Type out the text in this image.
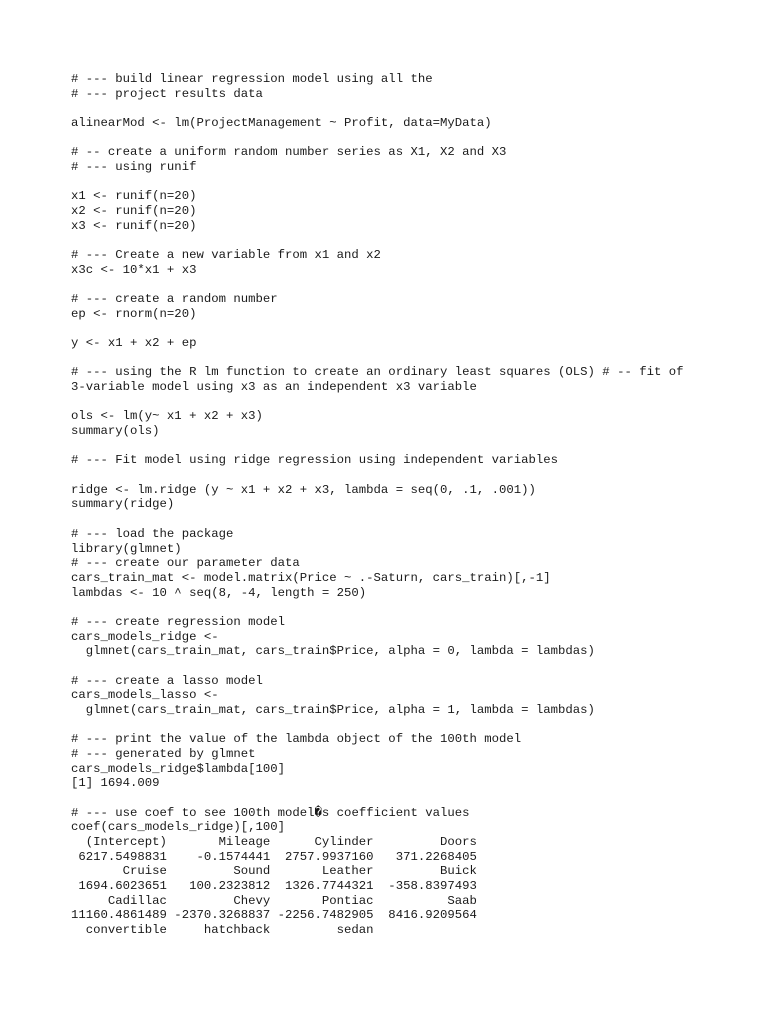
# --- build linear regression model using all the
# --- project results data
alinearMod <- lm(ProjectManagement ~ Profit, data=MyData)
# -- create a uniform random number series as X1, X2 and X3
# --- using runif
x1 <- runif(n=20)
x2 <- runif(n=20)
x3 <- runif(n=20)
# --- Create a new variable from x1 and x2
x3c <- 10*x1 + x3
# --- create a random number
ep <- rnorm(n=20)
y <- x1 + x2 + ep
# --- using the R lm function to create an ordinary least squares (OLS) # -- fit of
3-variable model using x3 as an independent x3 variable
ols <- lm(y~ x1 + x2 + x3)
summary(ols)
# --- Fit model using ridge regression using independent variables
ridge <- lm.ridge (y ~ x1 + x2 + x3, lambda = seq(0, .1, .001))
summary(ridge)
# --- load the package
library(glmnet)
# --- create our parameter data
cars_train_mat <- model.matrix(Price ~ .-Saturn, cars_train)[,-1]
lambdas <- 10 ^ seq(8, -4, length = 250)
# --- create regression model
cars_models_ridge <-
glmnet(cars_train_mat, cars_train$Price, alpha = 0, lambda = lambdas)
# --- create a lasso model
cars_models_lasso <-
glmnet(cars_train_mat, cars_train$Price, alpha = 1, lambda = lambdas)
# --- print the value of the lambda object of the 100th model
# --- generated by glmnet
cars_models_ridge$lambda[100]
[1] 1694.009
# --- use coef to see 100th model�s coefficient values
coef(cars_models_ridge)[,100]
(Intercept)       Mileage      Cylinder         Doors
6217.5498831    -0.1574441  2757.9937160   371.2268405
Cruise         Sound       Leather         Buick
1694.6023651   100.2323812  1326.7744321  -358.8397493
Cadillac         Chevy       Pontiac          Saab
11160.4861489 -2370.3268837 -2256.7482905  8416.9209564
convertible     hatchback         sedan
